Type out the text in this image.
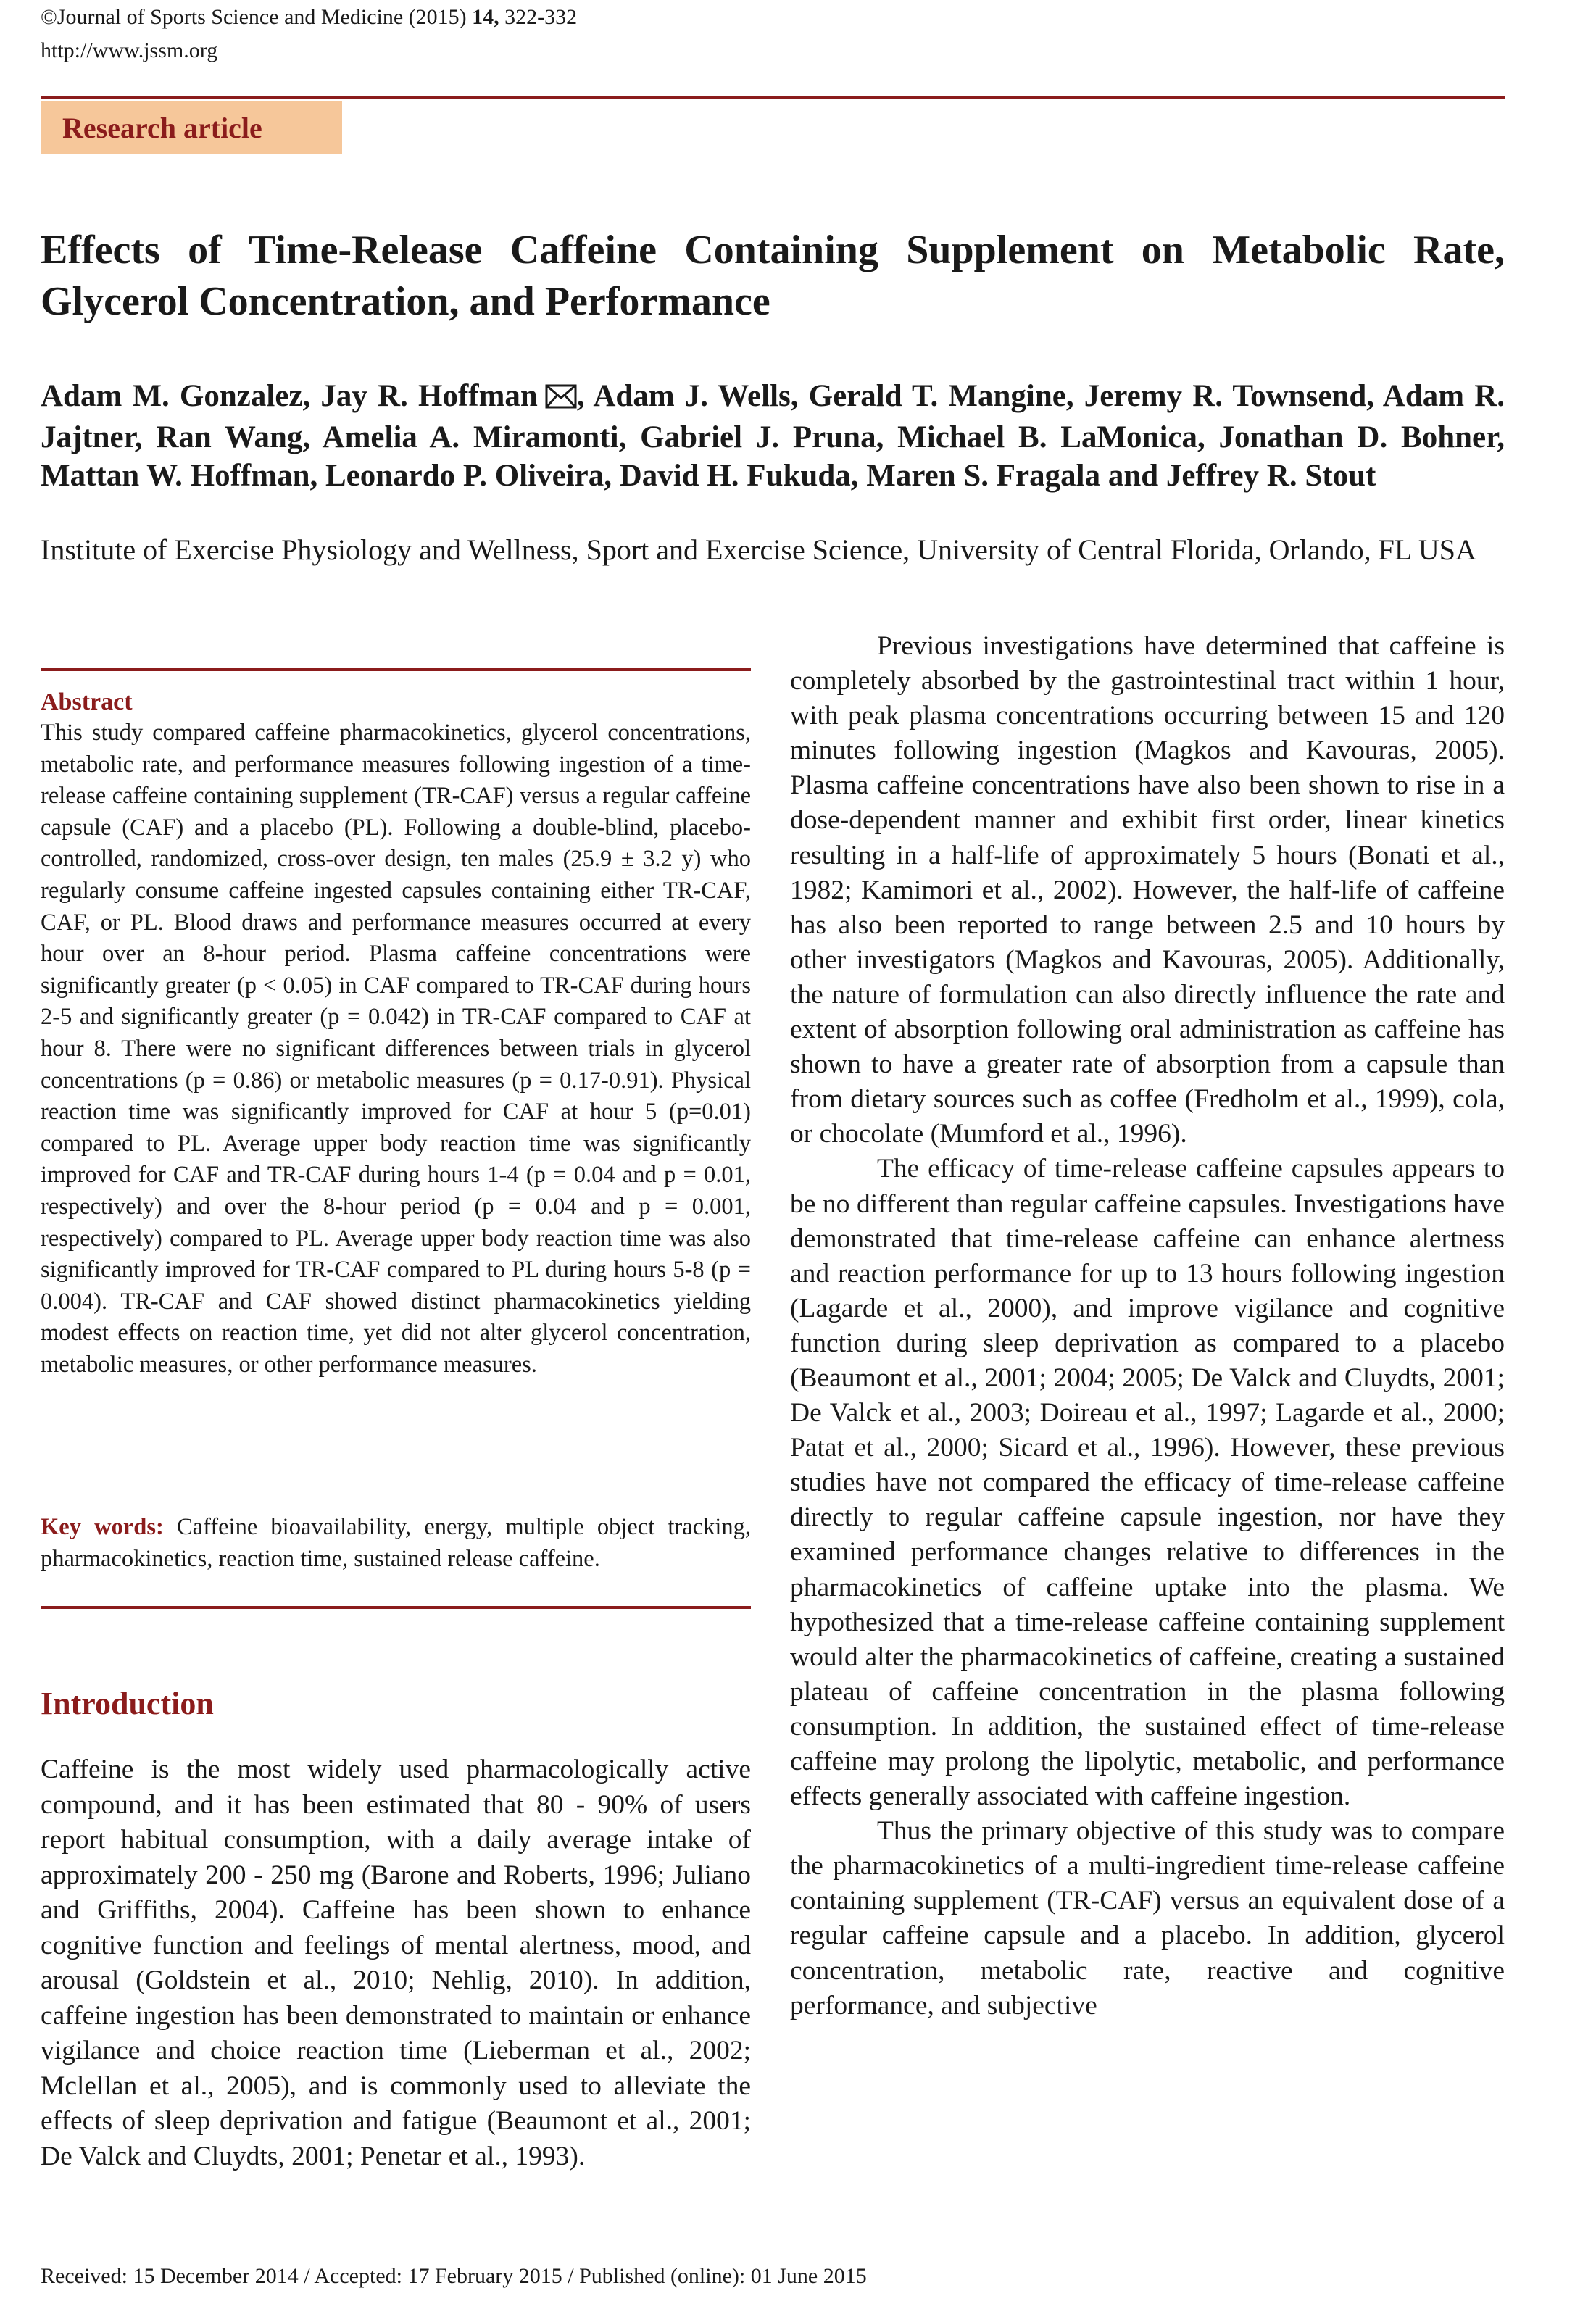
©Journal of Sports Science and Medicine (2015) 14, 322-332
http://www.jssm.org
Research article
Effects of Time-Release Caffeine Containing Supplement on Metabolic Rate, Glycerol Concentration, and Performance
Adam M. Gonzalez, Jay R. Hoffman , Adam J. Wells, Gerald T. Mangine, Jeremy R. Townsend, Adam R. Jajtner, Ran Wang, Amelia A. Miramonti, Gabriel J. Pruna, Michael B. LaMonica, Jonathan D. Bohner, Mattan W. Hoffman, Leonardo P. Oliveira, David H. Fukuda, Maren S. Fragala and Jeffrey R. Stout
Institute of Exercise Physiology and Wellness, Sport and Exercise Science, University of Central Florida, Orlando, FL USA
Abstract
This study compared caffeine pharmacokinetics, glycerol concentrations, metabolic rate, and performance measures following ingestion of a time-release caffeine containing supplement (TR-CAF) versus a regular caffeine capsule (CAF) and a placebo (PL). Following a double-blind, placebo-controlled, randomized, cross-over design, ten males (25.9 ± 3.2 y) who regularly consume caffeine ingested capsules containing either TR-CAF, CAF, or PL. Blood draws and performance measures occurred at every hour over an 8-hour period. Plasma caffeine concentrations were significantly greater (p < 0.05) in CAF compared to TR-CAF during hours 2-5 and significantly greater (p = 0.042) in TR-CAF compared to CAF at hour 8. There were no significant differences between trials in glycerol concentrations (p = 0.86) or metabolic measures (p = 0.17-0.91). Physical reaction time was significantly improved for CAF at hour 5 (p=0.01) compared to PL. Average upper body reaction time was significantly improved for CAF and TR-CAF during hours 1-4 (p = 0.04 and p = 0.01, respectively) and over the 8-hour period (p = 0.04 and p = 0.001, respectively) compared to PL. Average upper body reaction time was also significantly improved for TR-CAF compared to PL during hours 5-8 (p = 0.004). TR-CAF and CAF showed distinct pharmacokinetics yielding modest effects on reaction time, yet did not alter glycerol concentration, metabolic measures, or other performance measures.
Key words: Caffeine bioavailability, energy, multiple object tracking, pharmacokinetics, reaction time, sustained release caffeine.
Introduction
Caffeine is the most widely used pharmacologically active compound, and it has been estimated that 80 - 90% of users report habitual consumption, with a daily average intake of approximately 200 - 250 mg (Barone and Roberts, 1996; Juliano and Griffiths, 2004). Caffeine has been shown to enhance cognitive function and feelings of mental alertness, mood, and arousal (Goldstein et al., 2010; Nehlig, 2010). In addition, caffeine ingestion has been demonstrated to maintain or enhance vigilance and choice reaction time (Lieberman et al., 2002; Mclellan et al., 2005), and is commonly used to alleviate the effects of sleep deprivation and fatigue (Beaumont et al., 2001; De Valck and Cluydts, 2001; Penetar et al., 1993).

Previous investigations have determined that caffeine is completely absorbed by the gastrointestinal tract within 1 hour, with peak plasma concentrations occurring between 15 and 120 minutes following ingestion (Magkos and Kavouras, 2005). Plasma caffeine concentrations have also been shown to rise in a dose-dependent manner and exhibit first order, linear kinetics resulting in a half-life of approximately 5 hours (Bonati et al., 1982; Kamimori et al., 2002). However, the half-life of caffeine has also been reported to range between 2.5 and 10 hours by other investigators (Magkos and Kavouras, 2005). Additionally, the nature of formulation can also directly influence the rate and extent of absorption following oral administration as caffeine has shown to have a greater rate of absorption from a capsule than from dietary sources such as coffee (Fredholm et al., 1999), cola, or chocolate (Mumford et al., 1996).

The efficacy of time-release caffeine capsules appears to be no different than regular caffeine capsules. Investigations have demonstrated that time-release caffeine can enhance alertness and reaction performance for up to 13 hours following ingestion (Lagarde et al., 2000), and improve vigilance and cognitive function during sleep deprivation as compared to a placebo (Beaumont et al., 2001; 2004; 2005; De Valck and Cluydts, 2001; De Valck et al., 2003; Doireau et al., 1997; Lagarde et al., 2000; Patat et al., 2000; Sicard et al., 1996). However, these previous studies have not compared the efficacy of time-release caffeine directly to regular caffeine capsule ingestion, nor have they examined performance changes relative to differences in the pharmacokinetics of caffeine uptake into the plasma. We hypothesized that a time-release caffeine containing supplement would alter the pharmacokinetics of caffeine, creating a sustained plateau of caffeine concentration in the plasma following consumption. In addition, the sustained effect of time-release caffeine may prolong the lipolytic, metabolic, and performance effects generally associated with caffeine ingestion.

Thus the primary objective of this study was to compare the pharmacokinetics of a multi-ingredient time-release caffeine containing supplement (TR-CAF) versus an equivalent dose of a regular caffeine capsule and a placebo. In addition, glycerol concentration, metabolic rate, reactive and cognitive performance, and subjective

Received: 15 December 2014 / Accepted: 17 February 2015 / Published (online): 01 June 2015
